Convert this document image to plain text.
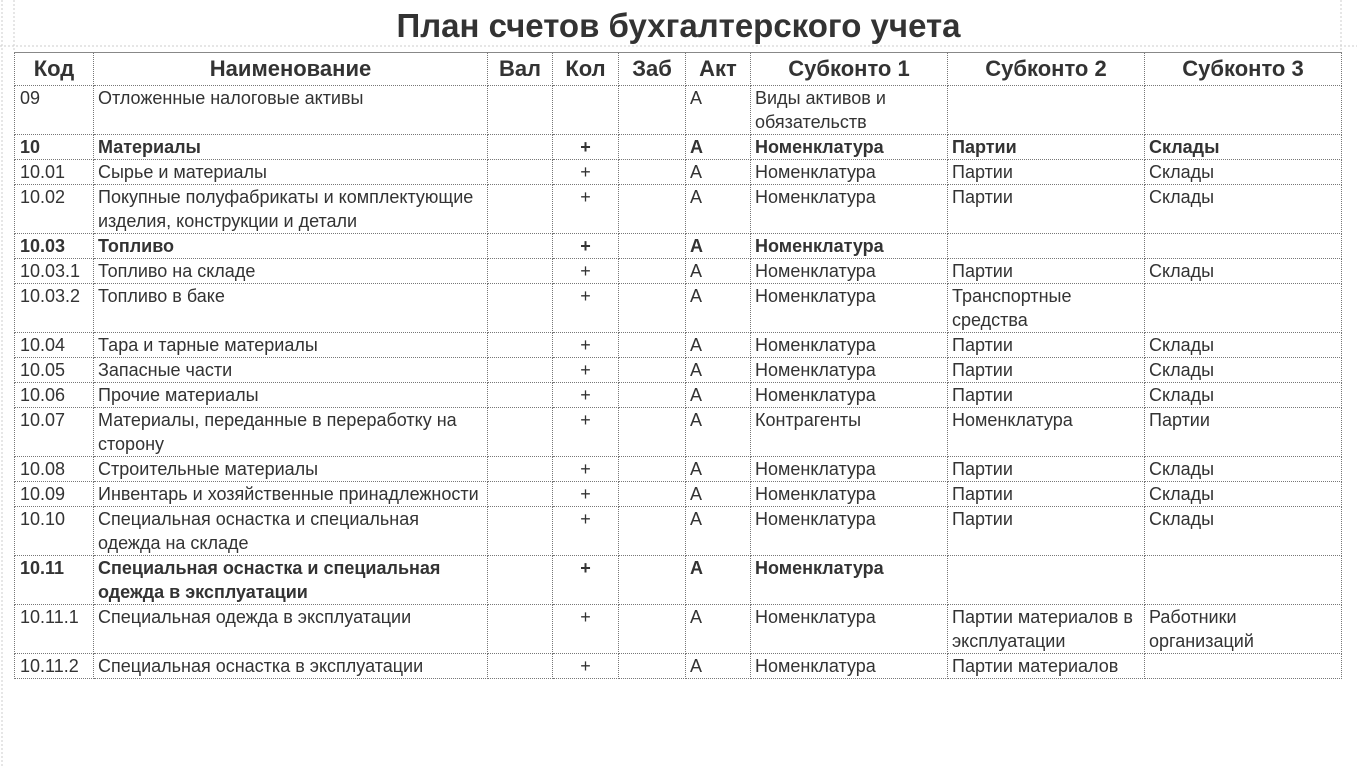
План счетов бухгалтерского учета
Код	Наименование	Вал	Кол	Заб	Акт	Субконто 1	Субконто 2	Субконто 3
09	Отложенные налоговые активы				А	Виды активов и обязательств		
10	Материалы		+		А	Номенклатура	Партии	Склады
10.01	Сырье и материалы		+		А	Номенклатура	Партии	Склады
10.02	Покупные полуфабрикаты и комплектующие изделия, конструкции и детали		+		А	Номенклатура	Партии	Склады
10.03	Топливо		+		А	Номенклатура		
10.03.1	Топливо на складе		+		А	Номенклатура	Партии	Склады
10.03.2	Топливо в баке		+		А	Номенклатура	Транспортные средства	
10.04	Тара и тарные материалы		+		А	Номенклатура	Партии	Склады
10.05	Запасные части		+		А	Номенклатура	Партии	Склады
10.06	Прочие материалы		+		А	Номенклатура	Партии	Склады
10.07	Материалы, переданные в переработку на сторону		+		А	Контрагенты	Номенклатура	Партии
10.08	Строительные материалы		+		А	Номенклатура	Партии	Склады
10.09	Инвентарь и хозяйственные принадлежности		+		А	Номенклатура	Партии	Склады
10.10	Специальная оснастка и специальная одежда на складе		+		А	Номенклатура	Партии	Склады
10.11	Специальная оснастка и специальная одежда в эксплуатации		+		А	Номенклатура		
10.11.1	Специальная одежда в эксплуатации		+		А	Номенклатура	Партии материалов в эксплуатации	Работники организаций
10.11.2	Специальная оснастка в эксплуатации		+		А	Номенклатура	Партии материалов	
